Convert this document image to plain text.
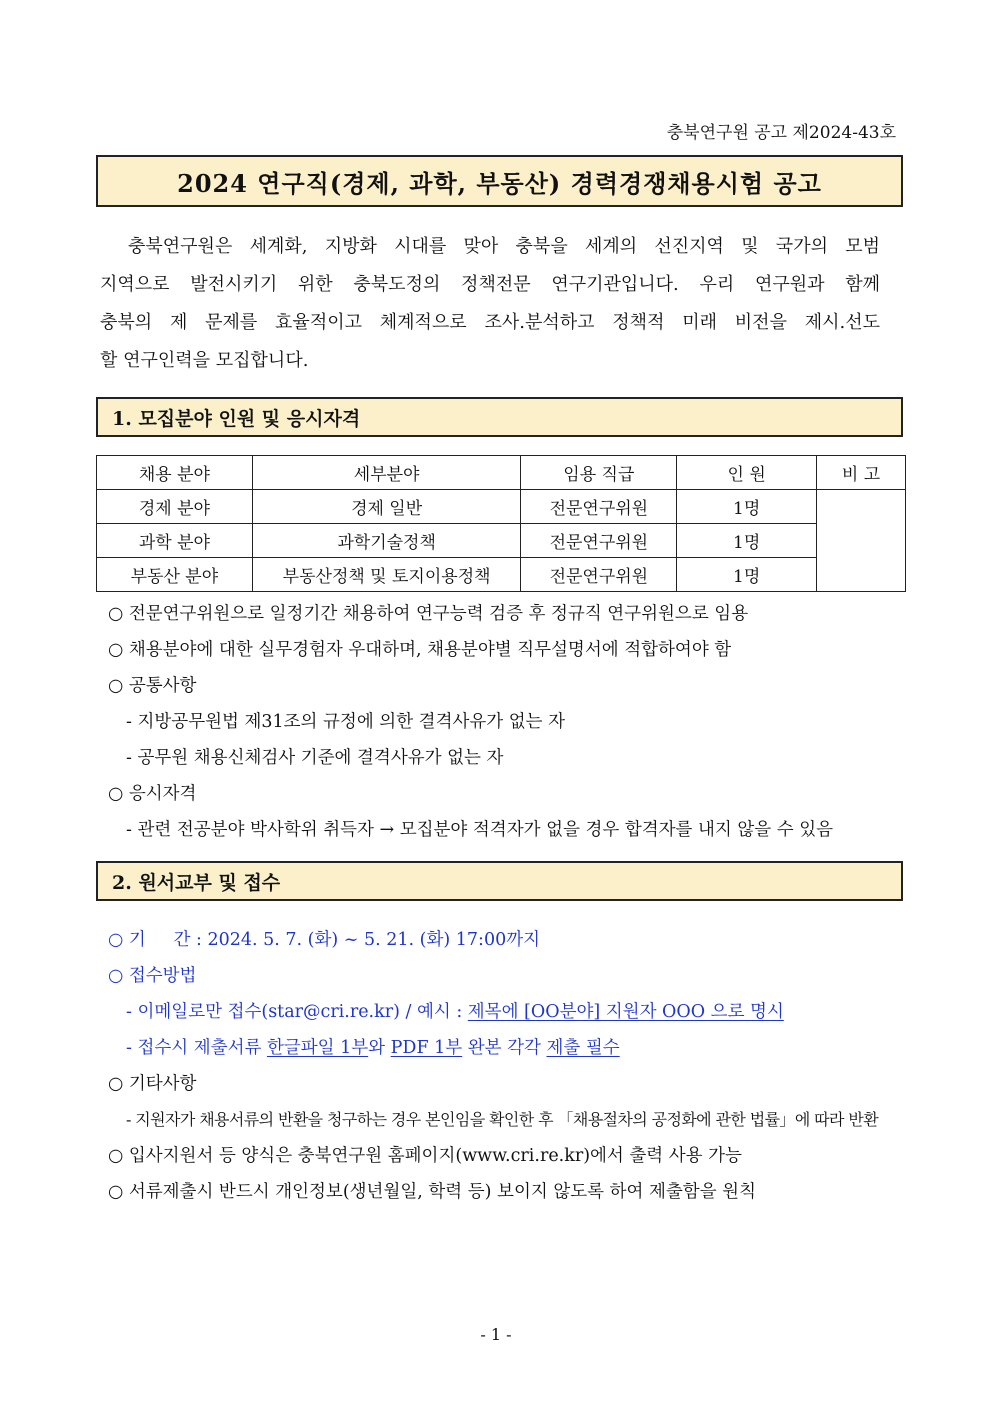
충북연구원 공고 제2024-43호
2024 연구직(경제, 과학, 부동산) 경력경쟁채용시험 공고
충북연구원은 세계화, 지방화 시대를 맞아 충북을 세계의 선진지역 및 국가의 모범
지역으로 발전시키기 위한 충북도정의 정책전문 연구기관입니다. 우리 연구원과 함께
충북의 제 문제를 효율적이고 체계적으로 조사.분석하고 정책적 미래 비전을 제시.선도
할 연구인력을 모집합니다.
1. 모집분야 인원 및 응시자격
채용 분야	세부분야	임용 직급	인 원	비 고
경제 분야	경제 일반	전문연구위원	1명	
과학 분야	과학기술정책	전문연구위원	1명	
부동산 분야	부동산정책 및 토지이용정책	전문연구위원	1명	
○ 전문연구위원으로 일정기간 채용하여 연구능력 검증 후 정규직 연구위원으로 임용
○ 채용분야에 대한 실무경험자 우대하며, 채용분야별 직무설명서에 적합하여야 함
○ 공통사항
- 지방공무원법 제31조의 규정에 의한 결격사유가 없는 자
- 공무원 채용신체검사 기준에 결격사유가 없는 자
○ 응시자격
- 관련 전공분야 박사학위 취득자 → 모집분야 적격자가 없을 경우 합격자를 내지 않을 수 있음
2. 원서교부 및 접수
○ 기     간 : 2024. 5. 7. (화) ~ 5. 21. (화) 17:00까지
○ 접수방법
- 이메일로만 접수(star@cri.re.kr) / 예시 : 제목에 [OO분야] 지원자 OOO 으로 명시
- 접수시 제출서류 한글파일 1부와 PDF 1부 완본 각각 제출 필수
○ 기타사항
- 지원자가 채용서류의 반환을 청구하는 경우 본인임을 확인한 후 「채용절차의 공정화에 관한 법률」에 따라 반환
○ 입사지원서 등 양식은 충북연구원 홈페이지(www.cri.re.kr)에서 출력 사용 가능
○ 서류제출시 반드시 개인정보(생년월일, 학력 등) 보이지 않도록 하여 제출함을 원칙
- 1 -
